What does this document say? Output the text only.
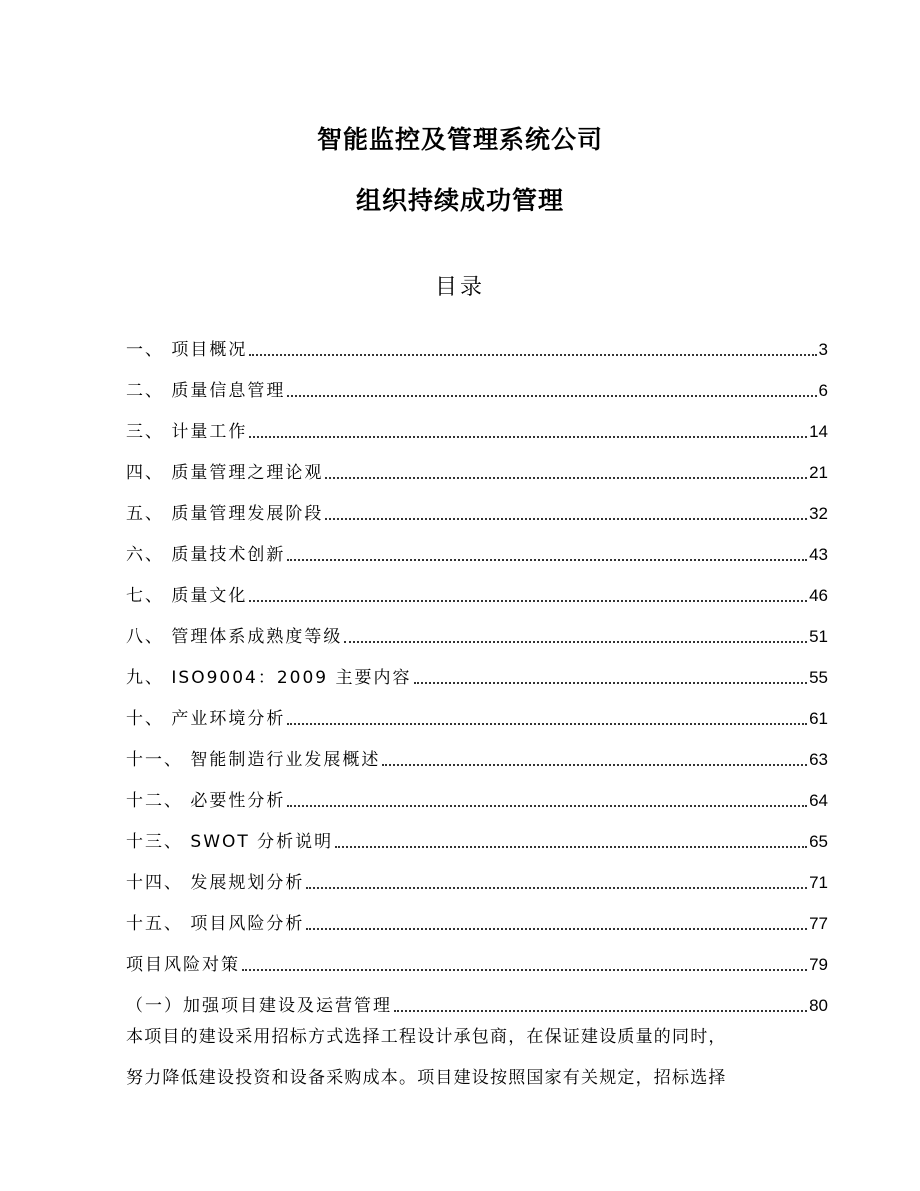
智能监控及管理系统公司
组织持续成功管理
目录
一、 项目概况	3
二、 质量信息管理	6
三、 计量工作	14
四、 质量管理之理论观	21
五、 质量管理发展阶段	32
六、 质量技术创新	43
七、 质量文化	46
八、 管理体系成熟度等级	51
九、 ISO9004：2009 主要内容	55
十、 产业环境分析	61
十一、 智能制造行业发展概述	63
十二、 必要性分析	64
十三、 SWOT 分析说明	65
十四、 发展规划分析	71
十五、 项目风险分析	77
项目风险对策	79
（一）加强项目建设及运营管理	80

本项目的建设采用招标方式选择工程设计承包商，在保证建设质量的同时，

努力降低建设投资和设备采购成本。项目建设按照国家有关规定，招标选择
